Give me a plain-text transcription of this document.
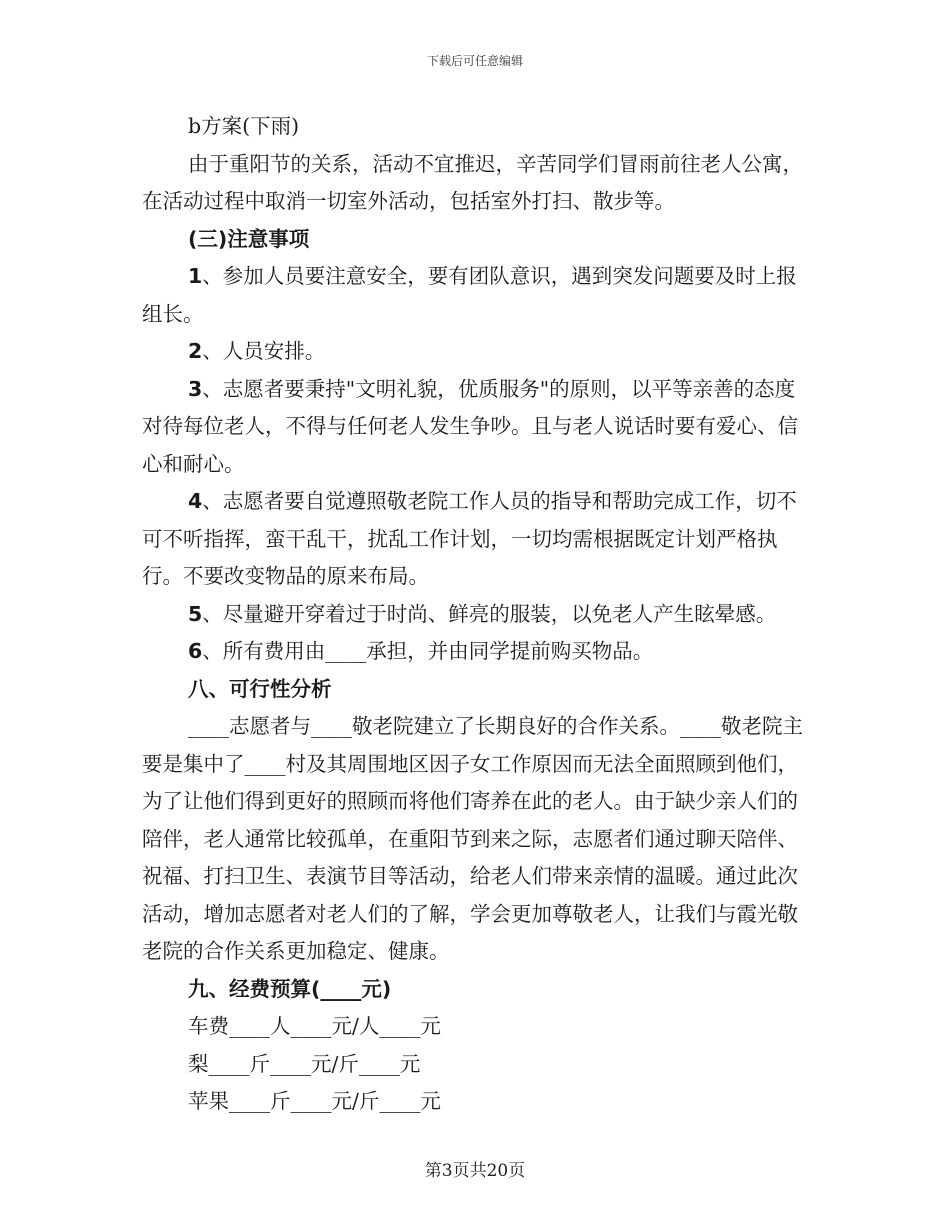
下载后可任意编辑

b方案(下雨)

由于重阳节的关系，活动不宜推迟，辛苦同学们冒雨前往老人公寓，在活动过程中取消一切室外活动，包括室外打扫、散步等。

(三)注意事项

1、参加人员要注意安全，要有团队意识，遇到突发问题要及时上报组长。

2、人员安排。

3、志愿者要秉持"文明礼貌，优质服务"的原则，以平等亲善的态度对待每位老人，不得与任何老人发生争吵。且与老人说话时要有爱心、信心和耐心。

4、志愿者要自觉遵照敬老院工作人员的指导和帮助完成工作，切不可不听指挥，蛮干乱干，扰乱工作计划，一切均需根据既定计划严格执行。不要改变物品的原来布局。

5、尽量避开穿着过于时尚、鲜亮的服装，以免老人产生眩晕感。

6、所有费用由____承担，并由同学提前购买物品。

八、可行性分析

____志愿者与____敬老院建立了长期良好的合作关系。____敬老院主要是集中了____村及其周围地区因子女工作原因而无法全面照顾到他们，为了让他们得到更好的照顾而将他们寄养在此的老人。由于缺少亲人们的陪伴，老人通常比较孤单，在重阳节到来之际，志愿者们通过聊天陪伴、祝福、打扫卫生、表演节目等活动，给老人们带来亲情的温暖。通过此次活动，增加志愿者对老人们的了解，学会更加尊敬老人，让我们与霞光敬老院的合作关系更加稳定、健康。

九、经费预算(____元)

车费____人____元/人____元

梨____斤____元/斤____元

苹果____斤____元/斤____元

第3页共20页
